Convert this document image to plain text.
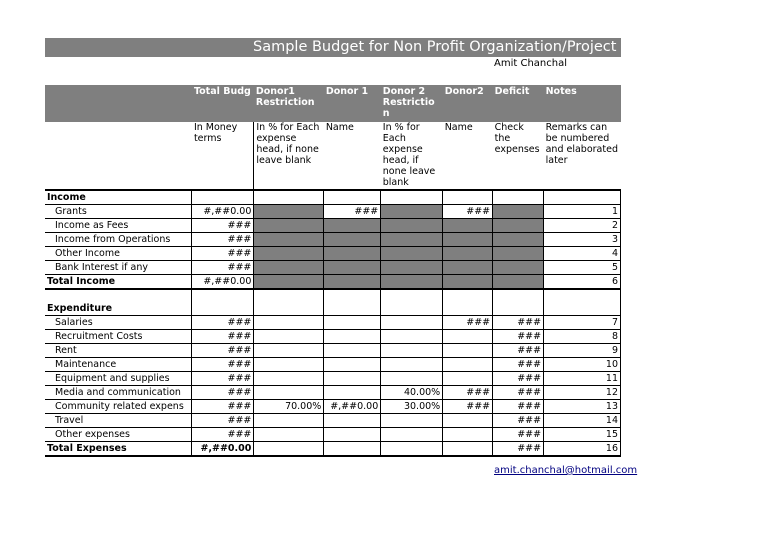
Sample Budget for Non Profit Organization/Project
Amit Chanchal
	Total Budg	Donor1 Restriction	Donor 1	Donor 2 Restrictio n	Donor2	Deficit	Notes
	In Money terms	In % for Each expense head, if none leave blank	Name	In % for Each expense head, if none leave blank	Name	Check the expenses	Remarks can be numbered and elaborated later
Income							
Grants	#,##0.00		###		###		1
Income as Fees	###						2
Income from Operations	###						3
Other Income	###						4
Bank Interest if any	###						5
Total Income	#,##0.00						6
Expenditure							
Salaries	###				###	###	7
Recruitment Costs	###					###	8
Rent	###					###	9
Maintenance	###					###	10
Equipment and supplies	###					###	11
Media and communication	###			40.00%	###	###	12
Community related expens	###	70.00%	#,##0.00	30.00%	###	###	13
Travel	###					###	14
Other expenses	###					###	15
Total Expenses	#,##0.00					###	16
amit.chanchal@hotmail.com
